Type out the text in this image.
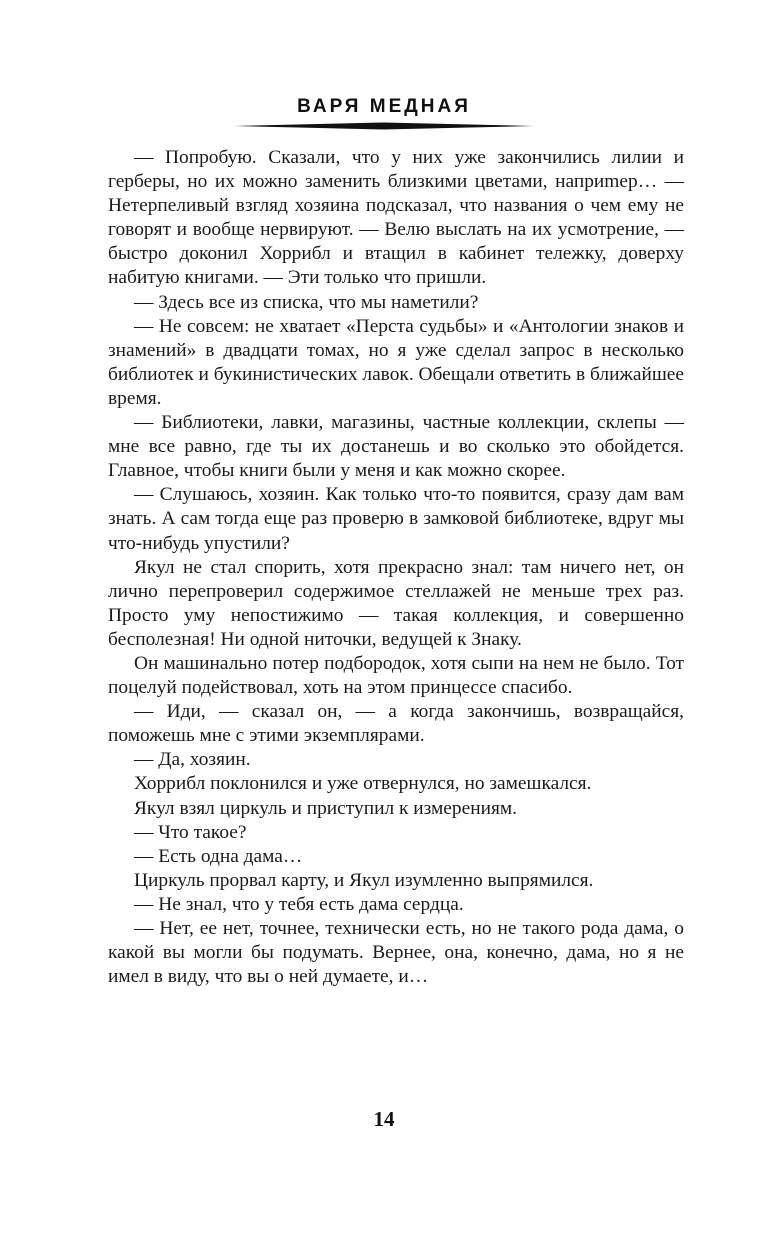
ВАРЯ МЕДНАЯ

— Попробую. Сказали, что у них уже закончились лилии и герберы, но их можно заменить близкими цветами, наприmер… — Нетерпеливый взгляд хозяина подсказал, что названия о чем ему не говорят и вообще нервируют. — Велю выслать на их усмотрение, — быстро доконил Хоррибл и втащил в кабинет тележку, доверху набитую книгами. — Эти только что пришли.

— Здесь все из списка, что мы наметили?

— Не совсем: не хватает «Перста судьбы» и «Антологии знаков и знамений» в двадцати томах, но я уже сделал запрос в несколько библиотек и букинистических лавок. Обещали ответить в ближайшее время.

— Библиотеки, лавки, магазины, частные коллекции, склепы — мне все равно, где ты их достанешь и во сколько это обойдется. Главное, чтобы книги были у меня и как можно скорее.

— Слушаюсь, хозяин. Как только что-то появится, сразу дам вам знать. А сам тогда еще раз проверю в замковой библиотеке, вдруг мы что-нибудь упустили?

Якул не стал спорить, хотя прекрасно знал: там ничего нет, он лично перепроверил содержимое стеллажей не меньше трех раз. Просто уму непостижимо — такая коллекция, и совершенно бесполезная! Ни одной ниточки, ведущей к Знаку.

Он машинально потер подбородок, хотя сыпи на нем не было. Тот поцелуй подействовал, хоть на этом принцессе спасибо.

— Иди, — сказал он, — а когда закончишь, возвращайся, поможешь мне с этими экземплярами.

— Да, хозяин.

Хоррибл поклонился и уже отвернулся, но замешкался.

Якул взял циркуль и приступил к измерениям.

— Что такое?

— Есть одна дама…

Циркуль прорвал карту, и Якул изумленно выпрямился.

— Не знал, что у тебя есть дама сердца.

— Нет, ее нет, точнее, технически есть, но не такого рода дама, о какой вы могли бы подумать. Вернее, она, конечно, дама, но я не имел в виду, что вы о ней думаете, и…

14
